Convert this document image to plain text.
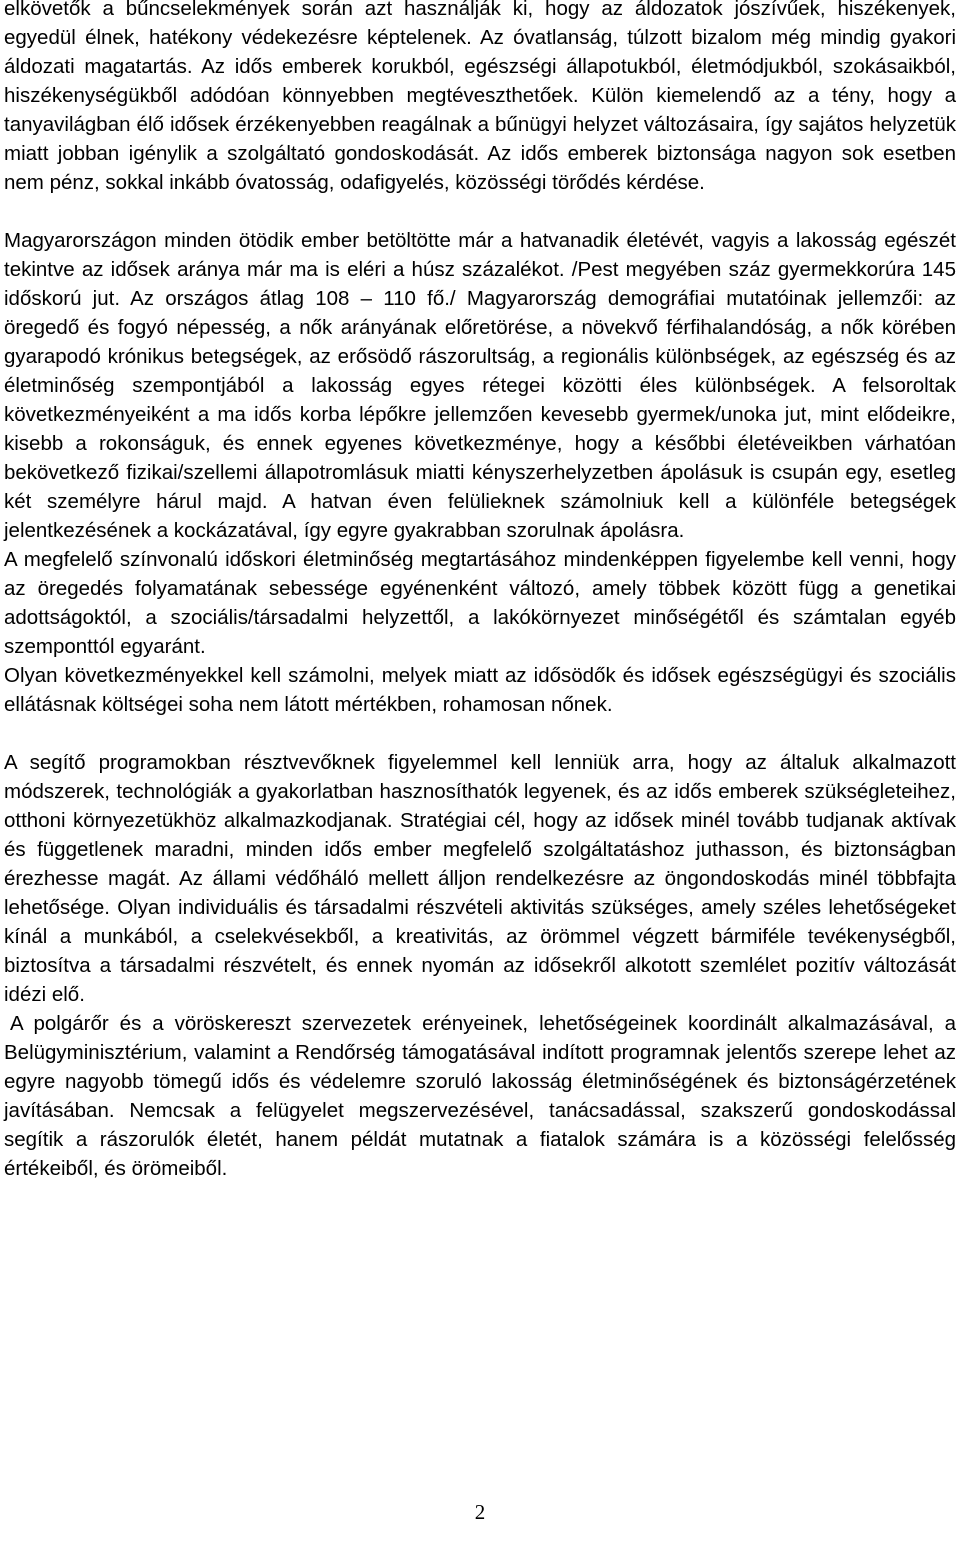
elkövetők a bűncselekmények során azt használják ki, hogy az áldozatok jószívűek, hiszékenyek, egyedül élnek, hatékony védekezésre képtelenek. Az óvatlanság, túlzott bizalom még mindig gyakori áldozati magatartás. Az idős emberek korukból, egészségi állapotukból, életmódjukból, szokásaikból, hiszékenységükből adódóan könnyebben megtéveszthetőek. Külön kiemelendő az a tény, hogy a tanyavilágban élő idősek érzékenyebben reagálnak a bűnügyi helyzet változásaira, így sajátos helyzetük miatt jobban igénylik a szolgáltató gondoskodását. Az idős emberek biztonsága nagyon sok esetben nem pénz, sokkal inkább óvatosság, odafigyelés, közösségi törődés kérdése.

Magyarországon minden ötödik ember betöltötte már a hatvanadik életévét, vagyis a lakosság egészét tekintve az idősek aránya már ma is eléri a húsz százalékot. /Pest megyében száz gyermekkorúra 145 időskorú jut. Az országos átlag 108 – 110 fő./ Magyarország demográfiai mutatóinak jellemzői: az öregedő és fogyó népesség, a nők arányának előretörése, a növekvő férfihalandóság, a nők körében gyarapodó krónikus betegségek, az erősödő rászorultság, a regionális különbségek, az egészség és az életminőség szempontjából a lakosság egyes rétegei közötti éles különbségek. A felsoroltak következményeiként a ma idős korba lépőkre jellemzően kevesebb gyermek/unoka jut, mint elődeikre, kisebb a rokonságuk, és ennek egyenes következménye, hogy a későbbi életéveikben várhatóan bekövetkező fizikai/szellemi állapotromlásuk miatti kényszerhelyzetben ápolásuk is csupán egy, esetleg két személyre hárul majd. A hatvan éven felülieknek számolniuk kell a különféle betegségek jelentkezésének a kockázatával, így egyre gyakrabban szorulnak ápolásra.

A megfelelő színvonalú időskori életminőség megtartásához mindenképpen figyelembe kell venni, hogy az öregedés folyamatának sebessége egyénenként változó, amely többek között függ a genetikai adottságoktól, a szociális/társadalmi helyzettől, a lakókörnyezet minőségétől és számtalan egyéb szemponttól egyaránt.

Olyan következményekkel kell számolni, melyek miatt az idősödők és idősek egészségügyi és szociális ellátásnak költségei soha nem látott mértékben, rohamosan nőnek.

A segítő programokban résztvevőknek figyelemmel kell lenniük arra, hogy az általuk alkalmazott módszerek, technológiák a gyakorlatban hasznosíthatók legyenek, és az idős emberek szükségleteihez, otthoni környezetükhöz alkalmazkodjanak. Stratégiai cél, hogy az idősek minél tovább tudjanak aktívak és függetlenek maradni, minden idős ember megfelelő szolgáltatáshoz juthasson, és biztonságban érezhesse magát. Az állami védőháló mellett álljon rendelkezésre az öngondoskodás minél többfajta lehetősége. Olyan individuális és társadalmi részvételi aktivitás szükséges, amely széles lehetőségeket kínál a munkából, a cselekvésekből, a kreativitás, az örömmel végzett bármiféle tevékenységből, biztosítva a társadalmi részvételt, és ennek nyomán az idősekről alkotott szemlélet pozitív változását idézi elő.

A polgárőr és a vöröskereszt szervezetek erényeinek, lehetőségeinek koordinált alkalmazásával, a Belügyminisztérium, valamint a Rendőrség támogatásával indított programnak jelentős szerepe lehet az egyre nagyobb tömegű idős és védelemre szoruló lakosság életminőségének és biztonságérzetének javításában. Nemcsak a felügyelet megszervezésével, tanácsadással, szakszerű gondoskodással segítik a rászorulók életét, hanem példát mutatnak a fiatalok számára is a közösségi felelősség értékeiből, és örömeiből.

2
